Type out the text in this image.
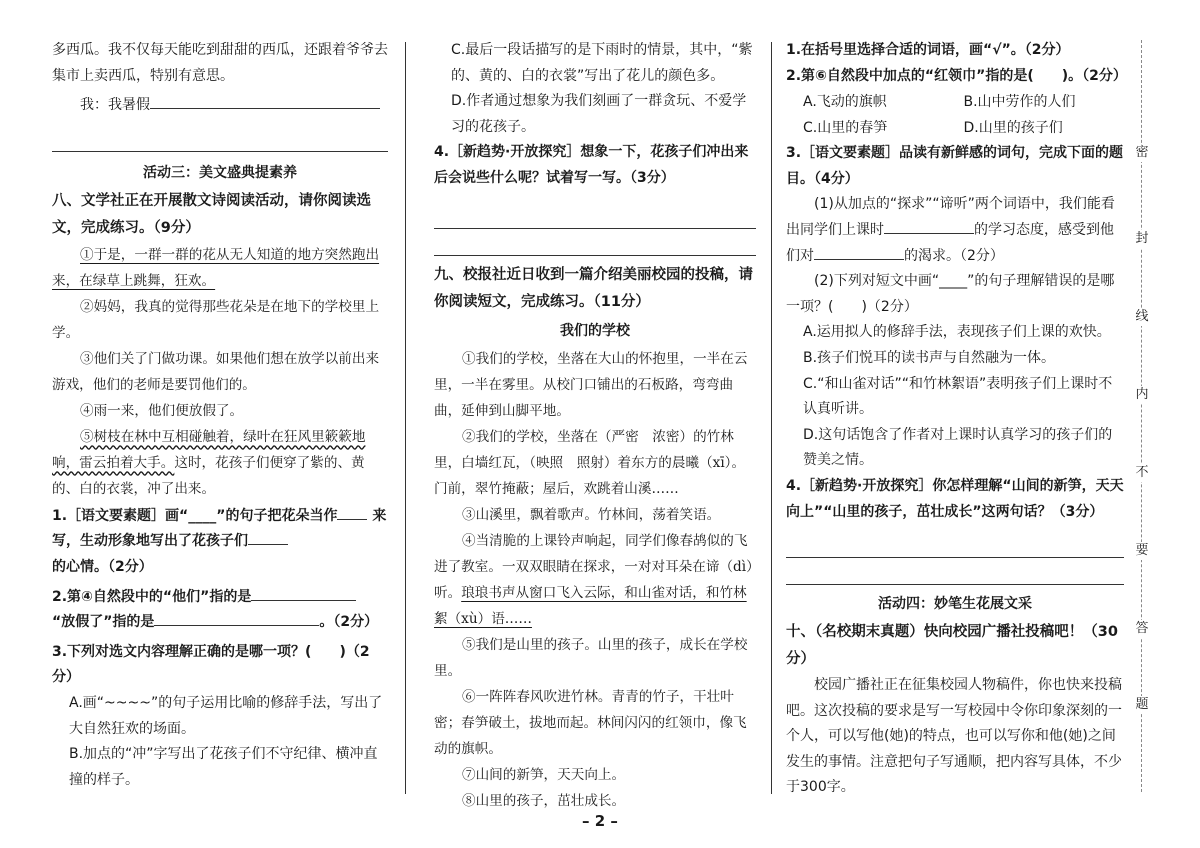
多西瓜。我不仅每天能吃到甜甜的西瓜，还跟着爷爷去集市上卖西瓜，特别有意思。

我：我暑假

活动三：美文盛典提素养

八、文学社正在开展散文诗阅读活动，请你阅读选文，完成练习。（9分）

①于是，一群一群的花从无人知道的地方突然跑出来，在绿草上跳舞，狂欢。

②妈妈，我真的觉得那些花朵是在地下的学校里上学。

③他们关了门做功课。如果他们想在放学以前出来游戏，他们的老师是要罚他们的。

④雨一来，他们便放假了。

⑤树枝在林中互相碰触着，绿叶在狂风里簌簌地响，雷云拍着大手。这时，花孩子们便穿了紫的、黄的、白的衣裳，冲了出来。

1.［语文要素题］画“____”的句子把花朵当作 来写，生动形象地写出了花孩子们 的心情。（2分）

2.第④自然段中的“他们”指的是
“放假了”指的是	。（2分）

3.下列对选文内容理解正确的是哪一项？(　　)（2分）

A.画“~~~~”的句子运用比喻的修辞手法，写出了大自然狂欢的场面。

B.加点的“冲”字写出了花孩子们不守纪律、横冲直撞的样子。

C.最后一段话描写的是下雨时的情景，其中，“紫的、黄的、白的衣裳”写出了花儿的颜色多。

D.作者通过想象为我们刻画了一群贪玩、不爱学习的花孩子。

4.［新趋势·开放探究］想象一下，花孩子们冲出来后会说些什么呢？试着写一写。（3分）

九、校报社近日收到一篇介绍美丽校园的投稿，请你阅读短文，完成练习。（11分）

我们的学校

①我们的学校，坐落在大山的怀抱里，一半在云里，一半在雾里。从校门口铺出的石板路，弯弯曲曲，延伸到山脚平地。

②我们的学校，坐落在（严密　浓密）的竹林里，白墙红瓦，（映照　照射）着东方的晨曦（xī）。门前，翠竹掩蔽；屋后，欢跳着山溪……

③山溪里，飘着歌声。竹林间，荡着笑语。

④当清脆的上课铃声响起，同学们像春鸪似的飞进了教室。一双双眼睛在探求，一对对耳朵在谛（dì）听。琅琅书声从窗口飞入云际，和山雀对话，和竹林絮（xù）语……

⑤我们是山里的孩子。山里的孩子，成长在学校里。

⑥一阵阵春风吹进竹林。青青的竹子，干壮叶密；春笋破土，拔地而起。林间闪闪的红领巾，像飞动的旗帜。

⑦山间的新笋，天天向上。

⑧山里的孩子，茁壮成长。

1.在括号里选择合适的词语，画“√”。（2分）

2.第⑥自然段中加点的“红领巾”指的是(　　)。（2分）

A.飞动的旗帜	B.山中劳作的人们
C.山里的春笋	D.山里的孩子们

3.［语文要素题］品读有新鲜感的词句，完成下面的题目。（4分）

(1)从加点的“探求”“谛听”两个词语中，我们能看出同学们上课时	的学习态度，感受到他们对	的渴求。（2分）

(2)下列对短文中画“____”的句子理解错误的是哪一项？(　　)（2分）

A.运用拟人的修辞手法，表现孩子们上课的欢快。

B.孩子们悦耳的读书声与自然融为一体。

C.“和山雀对话”“和竹林絮语”表明孩子们上课时不认真听讲。

D.这句话饱含了作者对上课时认真学习的孩子们的赞美之情。

4.［新趋势·开放探究］你怎样理解“山间的新笋，天天向上”“山里的孩子，茁壮成长”这两句话？（3分）

活动四：妙笔生花展文采

十、（名校期末真题）快向校园广播社投稿吧！（30分）

校园广播社正在征集校园人物稿件，你也快来投稿吧。这次投稿的要求是写一写校园中令你印象深刻的一个人，可以写他(她)的特点，也可以写你和他(她)之间发生的事情。注意把句子写通顺，把内容写具体，不少于300字。

密
封
线
内
不
要
答
题
– 2 –
